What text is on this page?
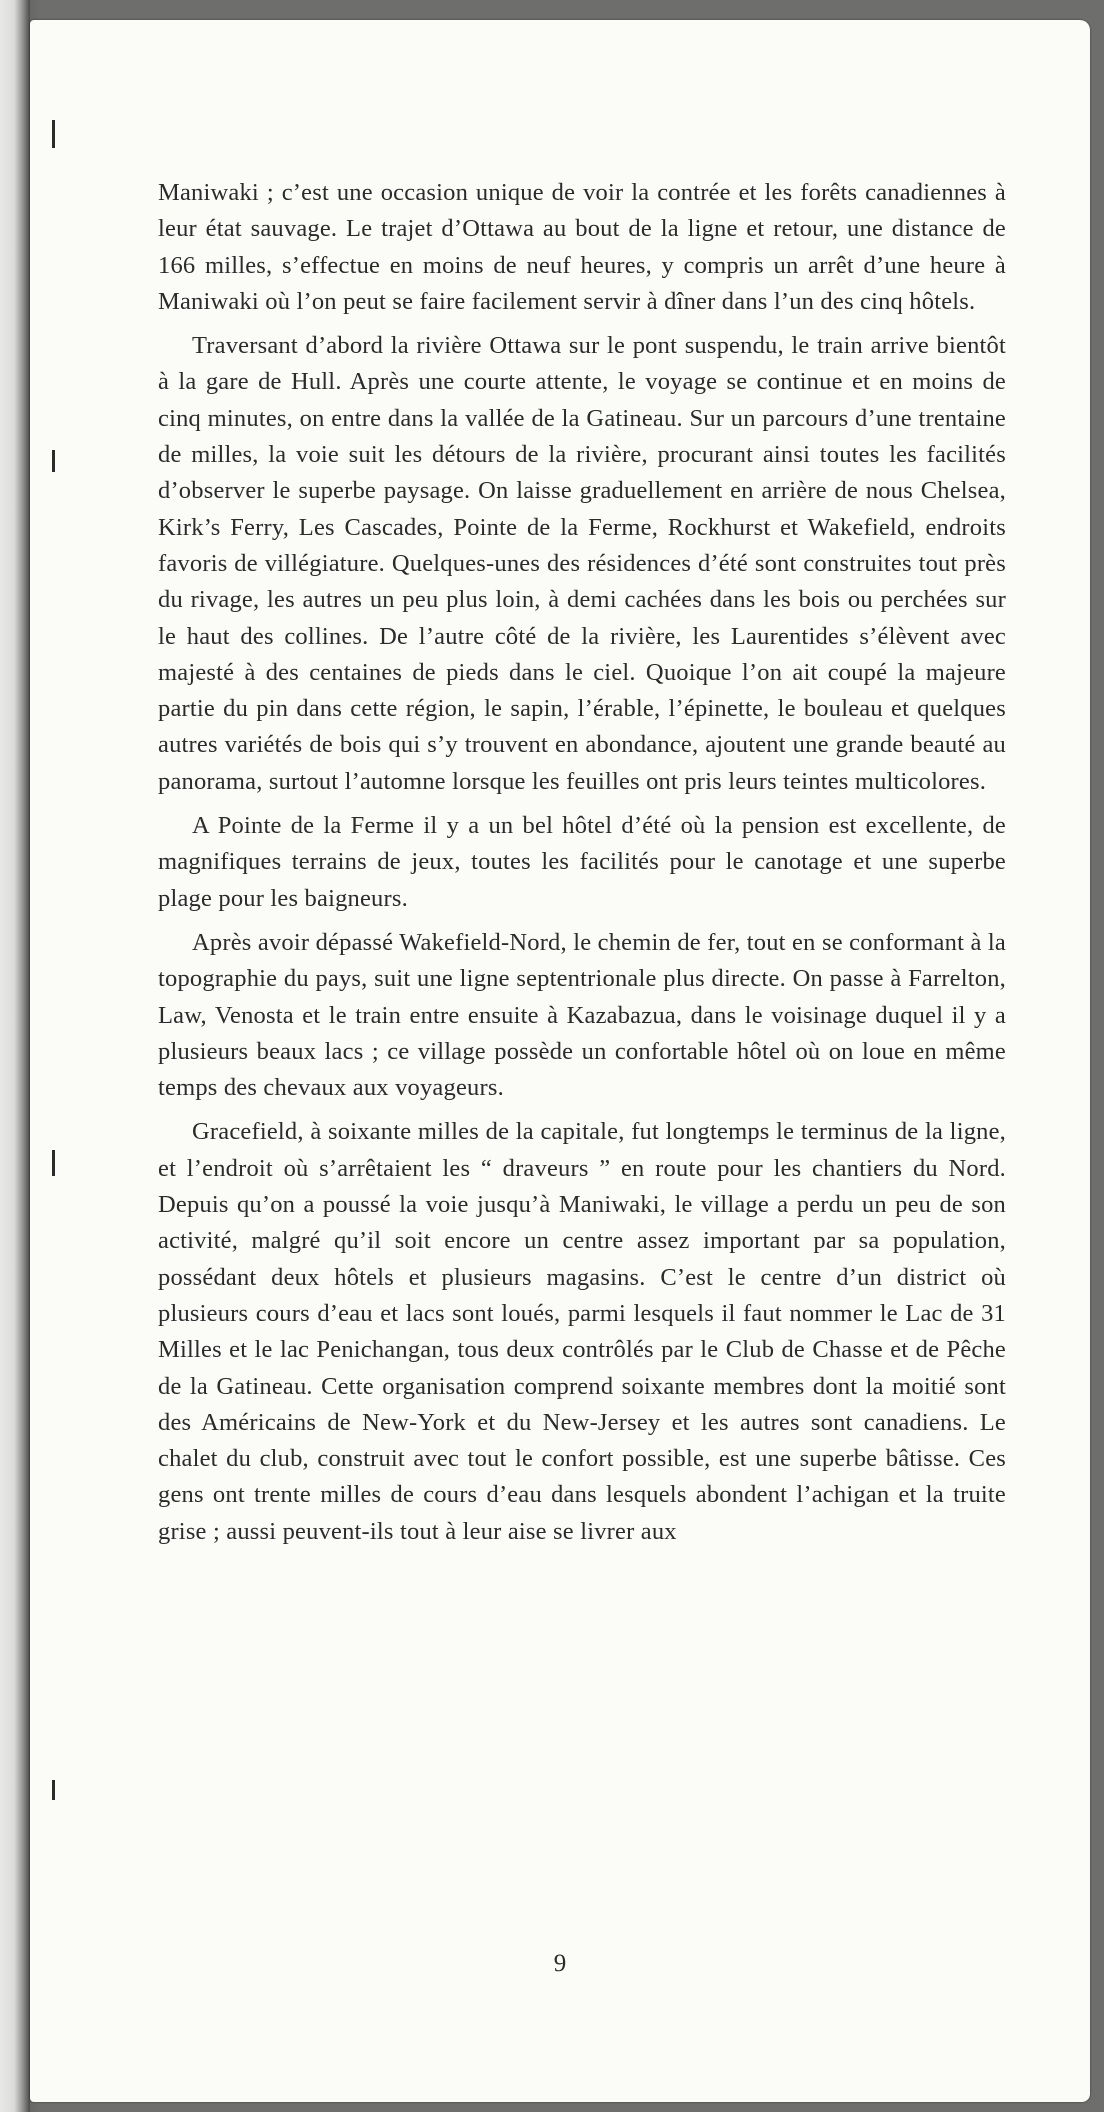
Maniwaki ; c’est une occasion unique de voir la contrée et les forêts canadiennes à leur état sauvage. Le trajet d’Ottawa au bout de la ligne et retour, une distance de 166 milles, s’effectue en moins de neuf heures, y compris un arrêt d’une heure à Maniwaki où l’on peut se faire facilement servir à dîner dans l’un des cinq hôtels.

Traversant d’abord la rivière Ottawa sur le pont suspendu, le train arrive bientôt à la gare de Hull. Après une courte attente, le voyage se continue et en moins de cinq minutes, on entre dans la vallée de la Gatineau. Sur un parcours d’une trentaine de milles, la voie suit les détours de la rivière, procurant ainsi toutes les facilités d’observer le superbe paysage. On laisse graduellement en arrière de nous Chelsea, Kirk’s Ferry, Les Cascades, Pointe de la Ferme, Rockhurst et Wakefield, endroits favoris de villégiature. Quelques-unes des résidences d’été sont construites tout près du rivage, les autres un peu plus loin, à demi cachées dans les bois ou perchées sur le haut des collines. De l’autre côté de la rivière, les Laurentides s’élèvent avec majesté à des centaines de pieds dans le ciel. Quoique l’on ait coupé la majeure partie du pin dans cette région, le sapin, l’érable, l’épinette, le bouleau et quelques autres variétés de bois qui s’y trouvent en abondance, ajoutent une grande beauté au panorama, surtout l’automne lorsque les feuilles ont pris leurs teintes multicolores.

A Pointe de la Ferme il y a un bel hôtel d’été où la pension est excellente, de magnifiques terrains de jeux, toutes les facilités pour le canotage et une superbe plage pour les baigneurs.

Après avoir dépassé Wakefield-Nord, le chemin de fer, tout en se conformant à la topographie du pays, suit une ligne septentrionale plus directe. On passe à Farrelton, Law, Venosta et le train entre ensuite à Kazabazua, dans le voisinage duquel il y a plusieurs beaux lacs ; ce village possède un confortable hôtel où on loue en même temps des chevaux aux voyageurs.

Gracefield, à soixante milles de la capitale, fut longtemps le terminus de la ligne, et l’endroit où s’arrêtaient les “ draveurs ” en route pour les chantiers du Nord. Depuis qu’on a poussé la voie jusqu’à Maniwaki, le village a perdu un peu de son activité, malgré qu’il soit encore un centre assez important par sa population, possédant deux hôtels et plusieurs magasins. C’est le centre d’un district où plusieurs cours d’eau et lacs sont loués, parmi lesquels il faut nommer le Lac de 31 Milles et le lac Penichangan, tous deux contrôlés par le Club de Chasse et de Pêche de la Gatineau. Cette organisation comprend soixante membres dont la moitié sont des Américains de New-York et du New-Jersey et les autres sont canadiens. Le chalet du club, construit avec tout le confort possible, est une superbe bâtisse. Ces gens ont trente milles de cours d’eau dans lesquels abondent l’achigan et la truite grise ; aussi peuvent-ils tout à leur aise se livrer aux

9
